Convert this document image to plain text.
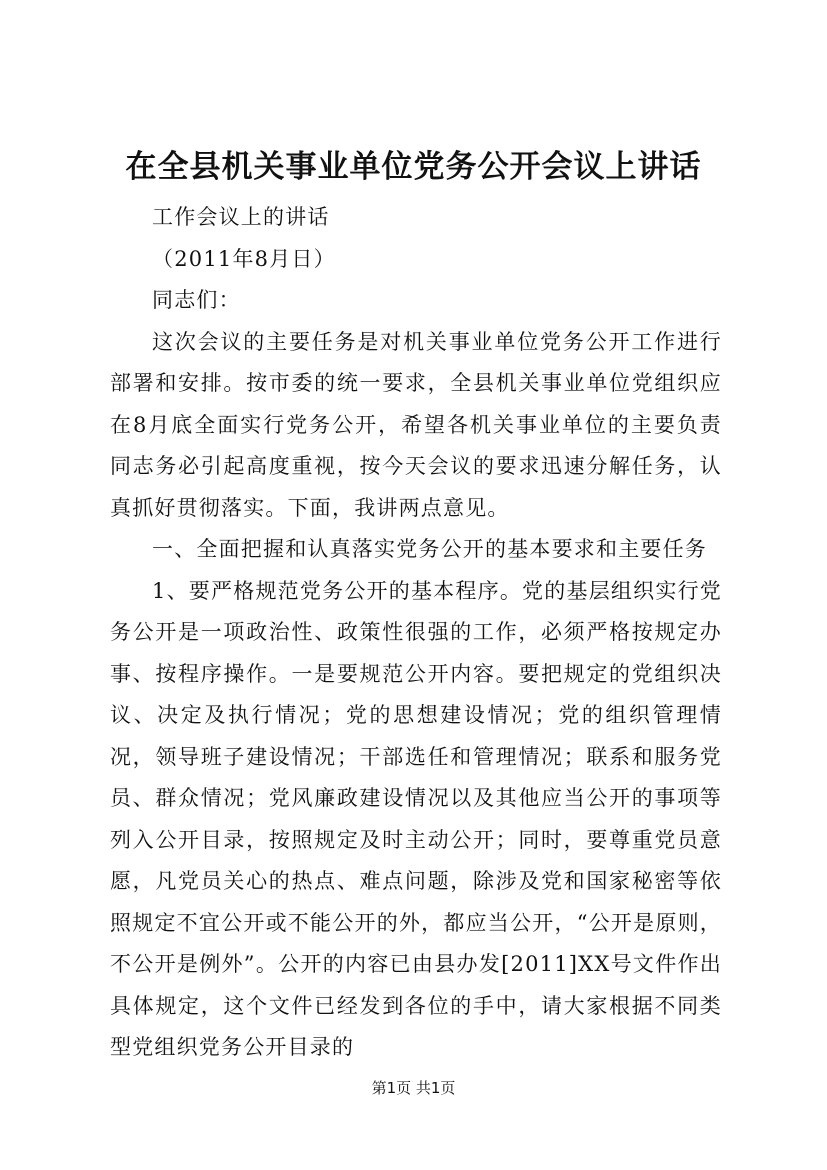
在全县机关事业单位党务公开会议上讲话

工作会议上的讲话

（2011年8月日）

同志们：

这次会议的主要任务是对机关事业单位党务公开工作进行部署和安排。按市委的统一要求，全县机关事业单位党组织应在8月底全面实行党务公开，希望各机关事业单位的主要负责同志务必引起高度重视，按今天会议的要求迅速分解任务，认真抓好贯彻落实。下面，我讲两点意见。

一、全面把握和认真落实党务公开的基本要求和主要任务

1、要严格规范党务公开的基本程序。党的基层组织实行党务公开是一项政治性、政策性很强的工作，必须严格按规定办事、按程序操作。一是要规范公开内容。要把规定的党组织决议、决定及执行情况；党的思想建设情况；党的组织管理情况，领导班子建设情况；干部选任和管理情况；联系和服务党员、群众情况；党风廉政建设情况以及其他应当公开的事项等列入公开目录，按照规定及时主动公开；同时，要尊重党员意愿，凡党员关心的热点、难点问题，除涉及党和国家秘密等依照规定不宜公开或不能公开的外，都应当公开，“公开是原则，不公开是例外”。公开的内容已由县办发[2011]XX号文件作出具体规定，这个文件已经发到各位的手中，请大家根据不同类型党组织党务公开目录的

第1页 共1页
